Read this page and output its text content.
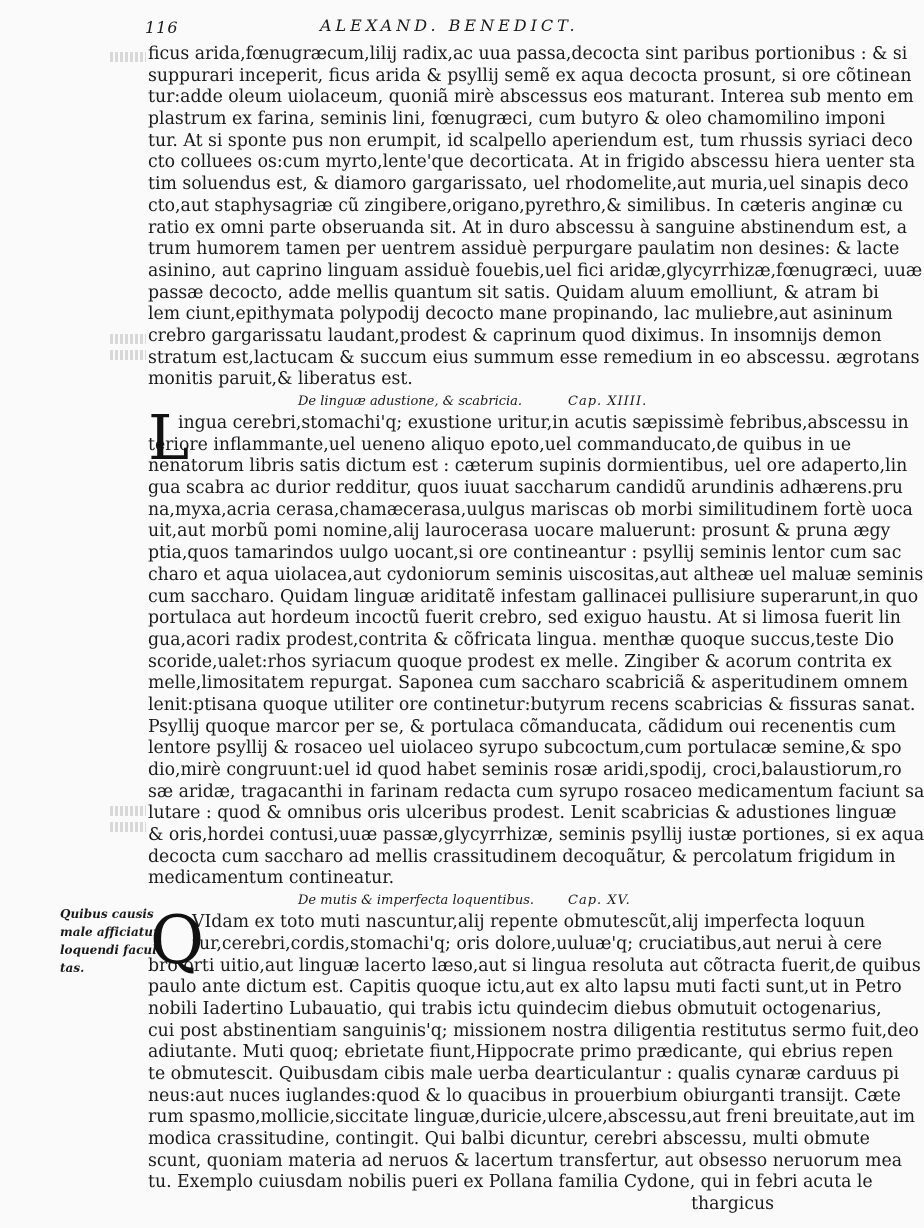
116	ALEXAND. BENEDICT.
Quibus causis
male afficiatur
loquendi facul
tas.
ficus arida,fœnugræcum,lilij radix,ac uua passa,decocta sint paribus portionibus : & si
suppurari inceperit, ficus arida & psyllij semẽ ex aqua decocta prosunt, si ore cõtinean
tur:adde oleum uiolaceum, quoniã mirè abscessus eos maturant. Interea sub mento em
plastrum ex farina, seminis lini, fœnugræci, cum butyro & oleo chamomilino imponi
tur. At si sponte pus non erumpit, id scalpello aperiendum est, tum rhussis syriaci deco
cto colluees os:cum myrto,lente'que decorticata. At in frigido abscessu hiera uenter sta
tim soluendus est, & diamoro gargarissato, uel rhodomelite,aut muria,uel sinapis deco
cto,aut staphysagriæ cũ zingibere,origano,pyrethro,& similibus. In cæteris anginæ cu
ratio ex omni parte obseruanda sit. At in duro abscessu à sanguine abstinendum est, a
trum humorem tamen per uentrem assiduè perpurgare paulatim non desines: & lacte
asinino, aut caprino linguam assiduè fouebis,uel fici aridæ,glycyrrhizæ,fœnugræci, uuæ
passæ decocto, adde mellis quantum sit satis. Quidam aluum emolliunt, & atram bi
lem ciunt,epithymata polypodij decocto mane propinando, lac muliebre,aut asininum
crebro gargarissatu laudant,prodest & caprinum quod diximus. In insomnijs demon
stratum est,lactucam & succum eius summum esse remedium in eo abscessu. ægrotans
monitis paruit,& liberatus est.
De linguæ adustione, & scabricia.	Cap. XIIII.
L
ingua cerebri,stomachi'q; exustione uritur,in acutis sæpissimè febribus,abscessu in
teriore inflammante,uel ueneno aliquo epoto,uel commanducato,de quibus in ue
nenatorum libris satis dictum est : cæterum supinis dormientibus, uel ore adaperto,lin
gua scabra ac durior redditur, quos iuuat saccharum candidũ arundinis adhærens.pru
na,myxa,acria cerasa,chamæcerasa,uulgus mariscas ob morbi similitudinem fortè uoca
uit,aut morbũ pomi nomine,alij laurocerasa uocare maluerunt: prosunt & pruna ægy
ptia,quos tamarindos uulgo uocant,si ore contineantur : psyllij seminis lentor cum sac
charo et aqua uiolacea,aut cydoniorum seminis uiscositas,aut altheæ uel maluæ seminis
cum saccharo. Quidam linguæ ariditatẽ infestam gallinacei pullisiure superarunt,in quo
portulaca aut hordeum incoctũ fuerit crebro, sed exiguo haustu. At si limosa fuerit lin
gua,acori radix prodest,contrita & cõfricata lingua. menthæ quoque succus,teste Dio
scoride,ualet:rhos syriacum quoque prodest ex melle. Zingiber & acorum contrita ex
melle,limositatem repurgat. Saponea cum saccharo scabriciã & asperitudinem omnem
lenit:ptisana quoque utiliter ore continetur:butyrum recens scabricias & fissuras sanat.
Psyllij quoque marcor per se, & portulaca cõmanducata, cãdidum oui recenentis cum
lentore psyllij & rosaceo uel uiolaceo syrupo subcoctum,cum portulacæ semine,& spo
dio,mirè congruunt:uel id quod habet seminis rosæ aridi,spodij, croci,balaustiorum,ro
sæ aridæ, tragacanthi in farinam redacta cum syrupo rosaceo medicamentum faciunt sa
lutare : quod & omnibus oris ulceribus prodest. Lenit scabricias & adustiones linguæ
& oris,hordei contusi,uuæ passæ,glycyrrhizæ, seminis psyllij iustæ portiones, si ex aqua
decocta cum saccharo ad mellis crassitudinem decoquãtur, & percolatum frigidum in
medicamentum contineatur.
De mutis & imperfecta loquentibus.	Cap. XV.
Q
VIdam ex toto muti nascuntur,alij repente obmutescũt,alij imperfecta loquun
tur,cerebri,cordis,stomachi'q; oris dolore,uuluæ'q; cruciatibus,aut nerui à cere
bro orti uitio,aut linguæ lacerto læso,aut si lingua resoluta aut cõtracta fuerit,de quibus
paulo ante dictum est. Capitis quoque ictu,aut ex alto lapsu muti facti sunt,ut in Petro
nobili Iadertino Lubauatio, qui trabis ictu quindecim diebus obmutuit octogenarius,
cui post abstinentiam sanguinis'q; missionem nostra diligentia restitutus sermo fuit,deo
adiutante. Muti quoq; ebrietate fiunt,Hippocrate primo prædicante, qui ebrius repen
te obmutescit. Quibusdam cibis male uerba dearticulantur : qualis cynaræ carduus pi
neus:aut nuces iuglandes:quod & lo quacibus in prouerbium obiurganti transijt. Cæte
rum spasmo,mollicie,siccitate linguæ,duricie,ulcere,abscessu,aut freni breuitate,aut im
modica crassitudine, contingit. Qui balbi dicuntur, cerebri abscessu, multi obmute
scunt, quoniam materia ad neruos & lacertum transfertur, aut obsesso neruorum mea
tu. Exemplo cuiusdam nobilis pueri ex Pollana familia Cydone, qui in febri acuta le
thargicus
